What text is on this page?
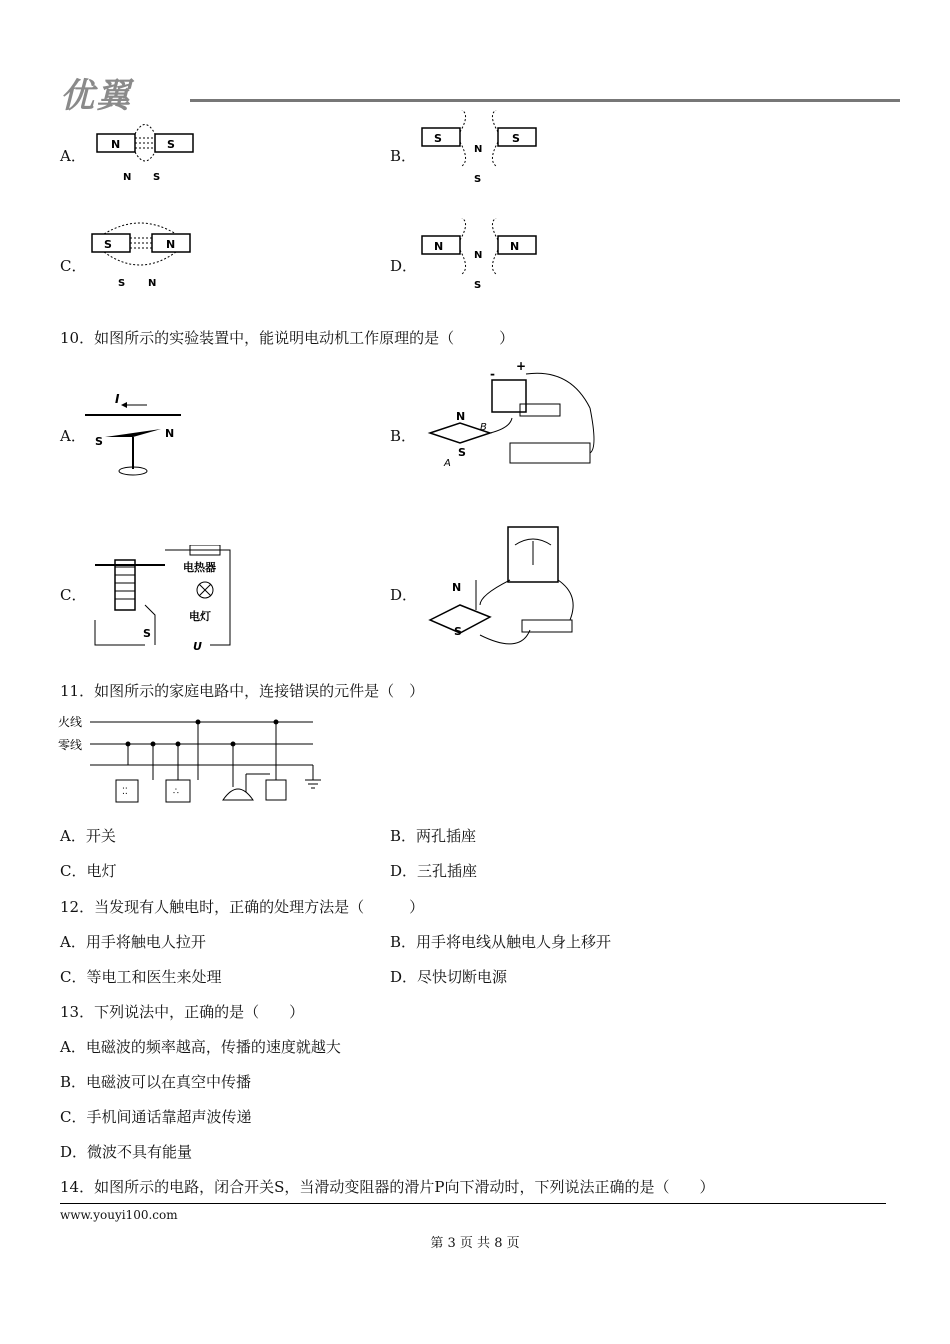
优翼
A．	B．
C．	D．
N	S
N S
S	S
N
S
S	N
S N
N	N
N
S
10．如图所示的实验装置中，能说明电动机工作原理的是（　　　）
A．	B．
C．	D．
I
S
N
-
+
N
S
B
A
电热器
电灯
S
U
N
S
11．如图所示的家庭电路中，连接错误的元件是（　）
火线
零线
⁚⁚	∴
A．开关	B．两孔插座
C．电灯	D．三孔插座
12．当发现有人触电时，正确的处理方法是（　　　）
A．用手将触电人拉开	B．用手将电线从触电人身上移开
C．等电工和医生来处理	D．尽快切断电源
13．下列说法中，正确的是（　　）
A．电磁波的频率越高，传播的速度就越大
B．电磁波可以在真空中传播
C．手机间通话靠超声波传递
D．微波不具有能量
14．如图所示的电路，闭合开关S，当滑动变阻器的滑片P向下滑动时，下列说法正确的是（　　）
www.youyi100.com
第 3 页 共 8 页
